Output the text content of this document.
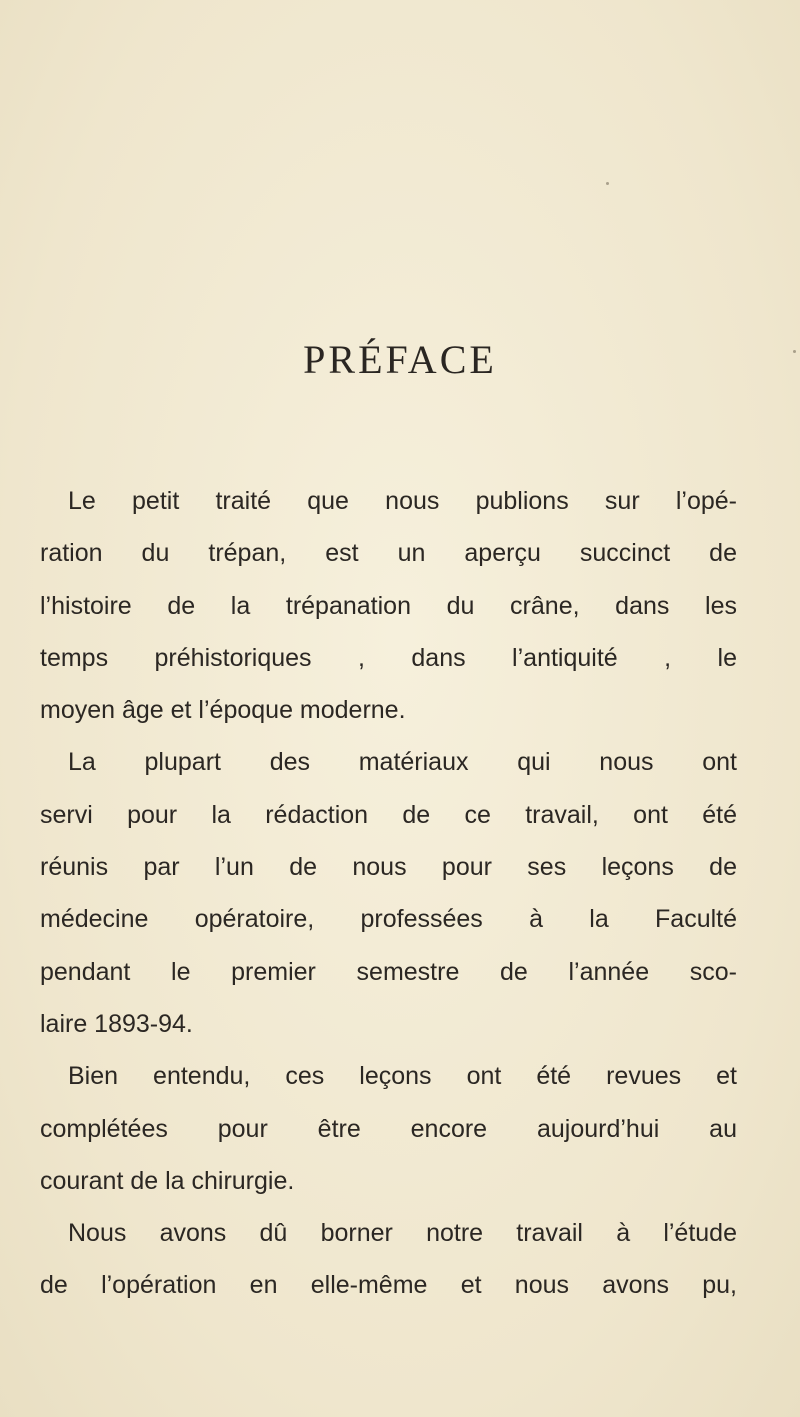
PRÉFACE
Le petit traité que nous publions sur l’opé-
ration du trépan, est un aperçu succinct de
l’histoire de la trépanation du crâne, dans les
temps préhistoriques , dans l’antiquité , le
moyen âge et l’époque moderne.
La plupart des matériaux qui nous ont
servi pour la rédaction de ce travail, ont été
réunis par l’un de nous pour ses leçons de
médecine opératoire, professées à la Faculté
pendant le premier semestre de l’année sco-
laire 1893-94.
Bien entendu, ces leçons ont été revues et
complétées pour être encore aujourd’hui au
courant de la chirurgie.
Nous avons dû borner notre travail à l’étude
de l’opération en elle-même et nous avons pu,
